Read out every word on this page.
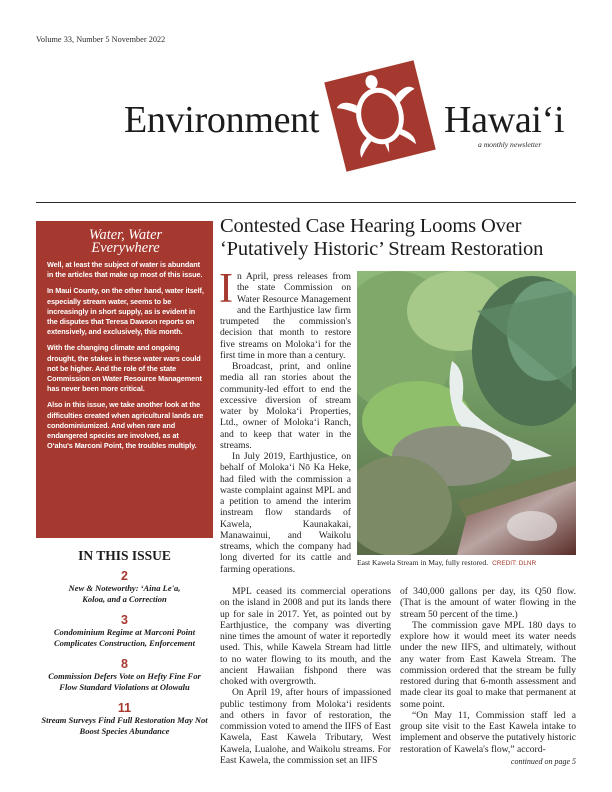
Volume 33, Number 5 November 2022
Environment	Hawaiʻi
a monthly newsletter
Water, Water
Everywhere

Well, at least the subject of water is abundant in the articles that make up most of this issue.

In Maui County, on the other hand, water itself, especially stream water, seems to be increasingly in short supply, as is evident in the disputes that Teresa Dawson reports on extensively, and exclusively, this month.

With the changing climate and ongoing drought, the stakes in these water wars could not be higher. And the role of the state Commission on Water Resource Management has never been more critical.

Also in this issue, we take another look at the difficulties created when agricultural lands are condominiumized. And when rare and endangered species are involved, as at Oʻahu's Marconi Point, the troubles multiply.

IN THIS ISSUE
2
New & Noteworthy: ʻAina Le'a, Koloa, and a Correction
3
Condominium Regime at Marconi Point Complicates Construction, Enforcement
8
Commission Defers Vote on Hefty Fine For Flow Standard Violations at Olowalu
11
Stream Surveys Find Full Restoration May Not Boost Species Abundance
Contested Case Hearing Looms Over
‘Putatively Historic’ Stream Restoration

In April, press releases from the state Commission on Water Resource Management and the Earthjustice law firm trumpeted the commission's decision that month to restore five streams on Molokaʻi for the first time in more than a century.

Broadcast, print, and online media all ran stories about the community-led effort to end the excessive diversion of stream water by Molokaʻi Properties, Ltd., owner of Molokaʻi Ranch, and to keep that water in the streams.

In July 2019, Earthjustice, on behalf of Molokaʻi Nō Ka Heke, had filed with the commission a waste complaint against MPL and a petition to amend the interim instream flow standards of Kawela, Kaunakakai, Manawainui, and Waikolu streams, which the company had long diverted for its cattle and farming operations.

East Kawela Stream in May, fully restored. CREDIT: DLNR

MPL ceased its commercial operations on the island in 2008 and put its lands there up for sale in 2017. Yet, as pointed out by Earthjustice, the company was diverting nine times the amount of water it reportedly used. This, while Kawela Stream had little to no water flowing to its mouth, and the ancient Hawaiian fishpond there was choked with overgrowth.

On April 19, after hours of impassioned public testimony from Molokaʻi residents and others in favor of restoration, the commission voted to amend the IIFS of East Kawela, East Kawela Tributary, West Kawela, Lualohe, and Waikolu streams. For East Kawela, the commission set an IIFS

of 340,000 gallons per day, its Q50 flow. (That is the amount of water flowing in the stream 50 percent of the time.)

The commission gave MPL 180 days to explore how it would meet its water needs under the new IIFS, and ultimately, without any water from East Kawela Stream. The commission ordered that the stream be fully restored during that 6-month assessment and made clear its goal to make that permanent at some point.

“On May 11, Commission staff led a group site visit to the East Kawela intake to implement and observe the putatively historic restoration of Kawela's flow,” accord-

continued on page 5
